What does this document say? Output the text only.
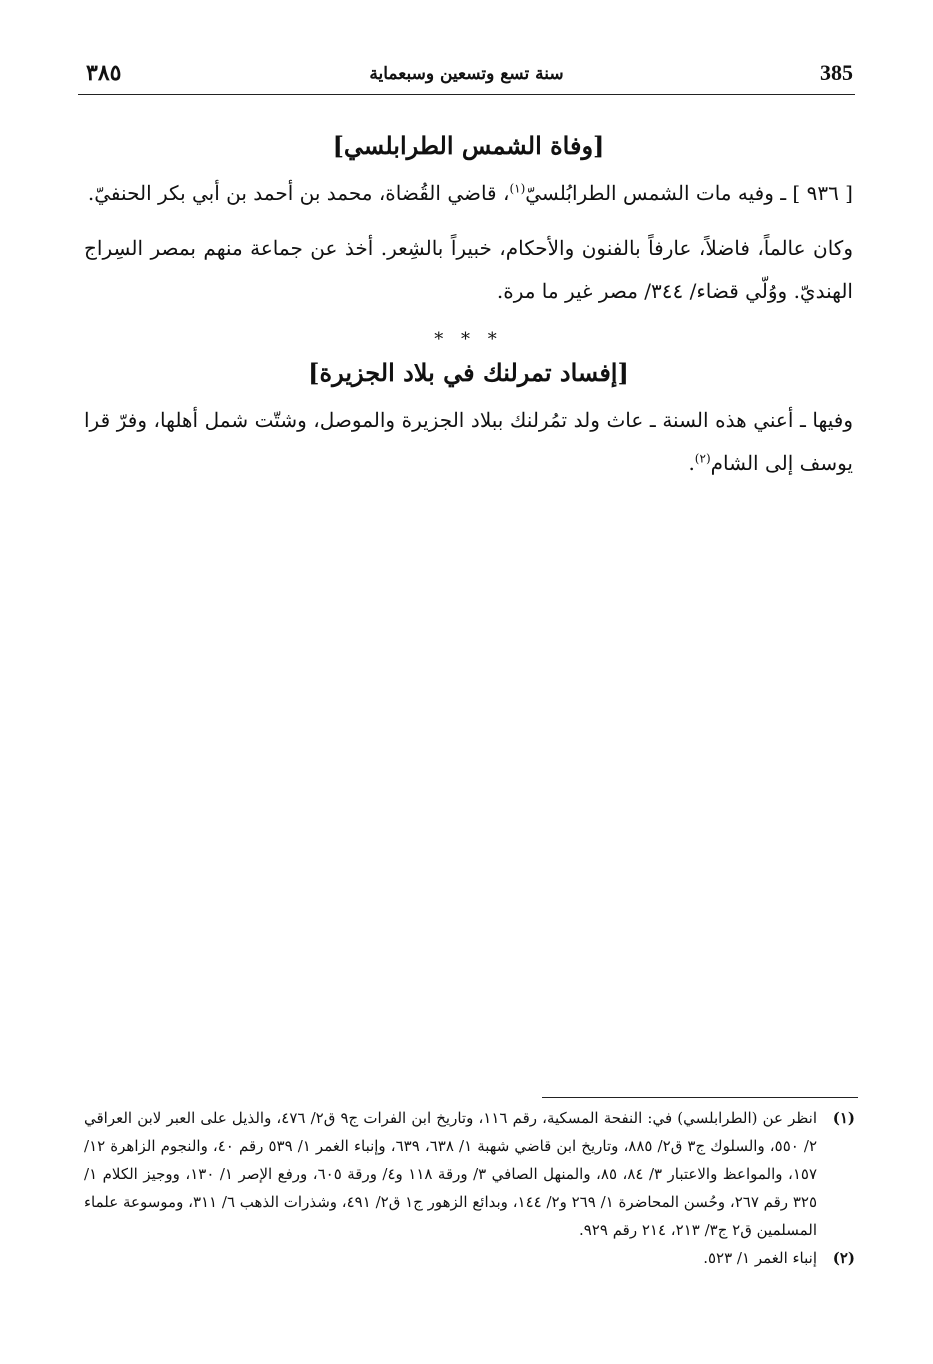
٣٨٥	سنة تسع وتسعين وسبعماية	385
[وفاة الشمس الطرابلسي]

[ ٩٣٦ ] ـ وفيه مات الشمس الطرابُلسيّ$^{(١)}$، قاضي القُضاة، محمد بن أحمد بن أبي بكر الحنفيّ.

وكان عالماً، فاضلاً، عارفاً بالفنون والأحكام، خبيراً بالشِعر. أخذ عن جماعة منهم بمصر السِراج الهنديّ. ووُلّي قضاء/ ٣٤٤/ مصر غير ما مرة.

* * *
[إفساد تمرلنك في بلاد الجزيرة]

وفيها ـ أعني هذه السنة ـ عاث ولد تمُرلنك ببلاد الجزيرة والموصل، وشتّت شمل أهلها، وفرّ قرا يوسف إلى الشام$^{(٢)}$.

(١)
انظر عن (الطرابلسي) في: النفحة المسكية، رقم ١١٦، وتاريخ ابن الفرات ج٩ ق٢/ ٤٧٦، والذيل على العبر لابن العراقي ٢/ ٥٥٠، والسلوك ج٣ ق٢/ ٨٨٥، وتاريخ ابن قاضي شهبة ١/ ٦٣٨، ٦٣٩، وإنباء الغمر ١/ ٥٣٩ رقم ٤٠، والنجوم الزاهرة ١٢/ ١٥٧، والمواعظ والاعتبار ٣/ ٨٤، ٨٥، والمنهل الصافي ٣/ ورقة ١١٨ و٤/ ورقة ٦٠٥، ورفع الإصر ١/ ١٣٠، ووجيز الكلام ١/ ٣٢٥ رقم ٢٦٧، وحُسن المحاضرة ١/ ٢٦٩ و٢/ ١٤٤، وبدائع الزهور ج١ ق٢/ ٤٩١، وشذرات الذهب ٦/ ٣١١، وموسوعة علماء المسلمين ق٢ ج٣/ ٢١٣، ٢١٤ رقم ٩٢٩.
(٢)
إنباء الغمر ١/ ٥٢٣.
